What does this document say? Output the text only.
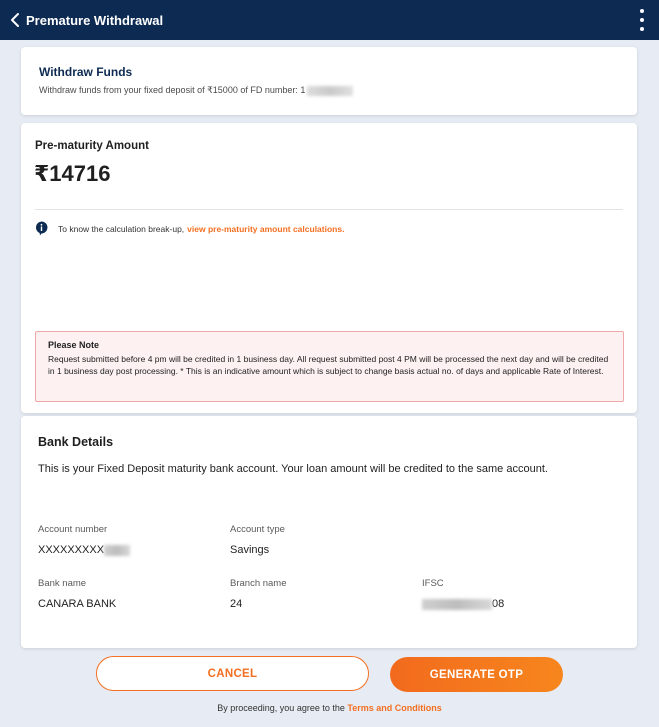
Premature Withdrawal
Withdraw Funds
Withdraw funds from your fixed deposit of ₹15000 of FD number: 1
Pre-maturity Amount
₹14716
To know the calculation break-up, view pre-maturity amount calculations.
Please Note
Request submitted before 4 pm will be credited in 1 business day. All request submitted post 4 PM will be processed the next day and will be credited in 1 business day post processing. * This is an indicative amount which is subject to change basis actual no. of days and applicable Rate of Interest.
Bank Details
This is your Fixed Deposit maturity bank account. Your loan amount will be credited to the same account.
Account number
XXXXXXXXX
Account type
Savings
Bank name
CANARA BANK
Branch name
24
IFSC
08
CANCEL	GENERATE OTP
By proceeding, you agree to the Terms and Conditions
